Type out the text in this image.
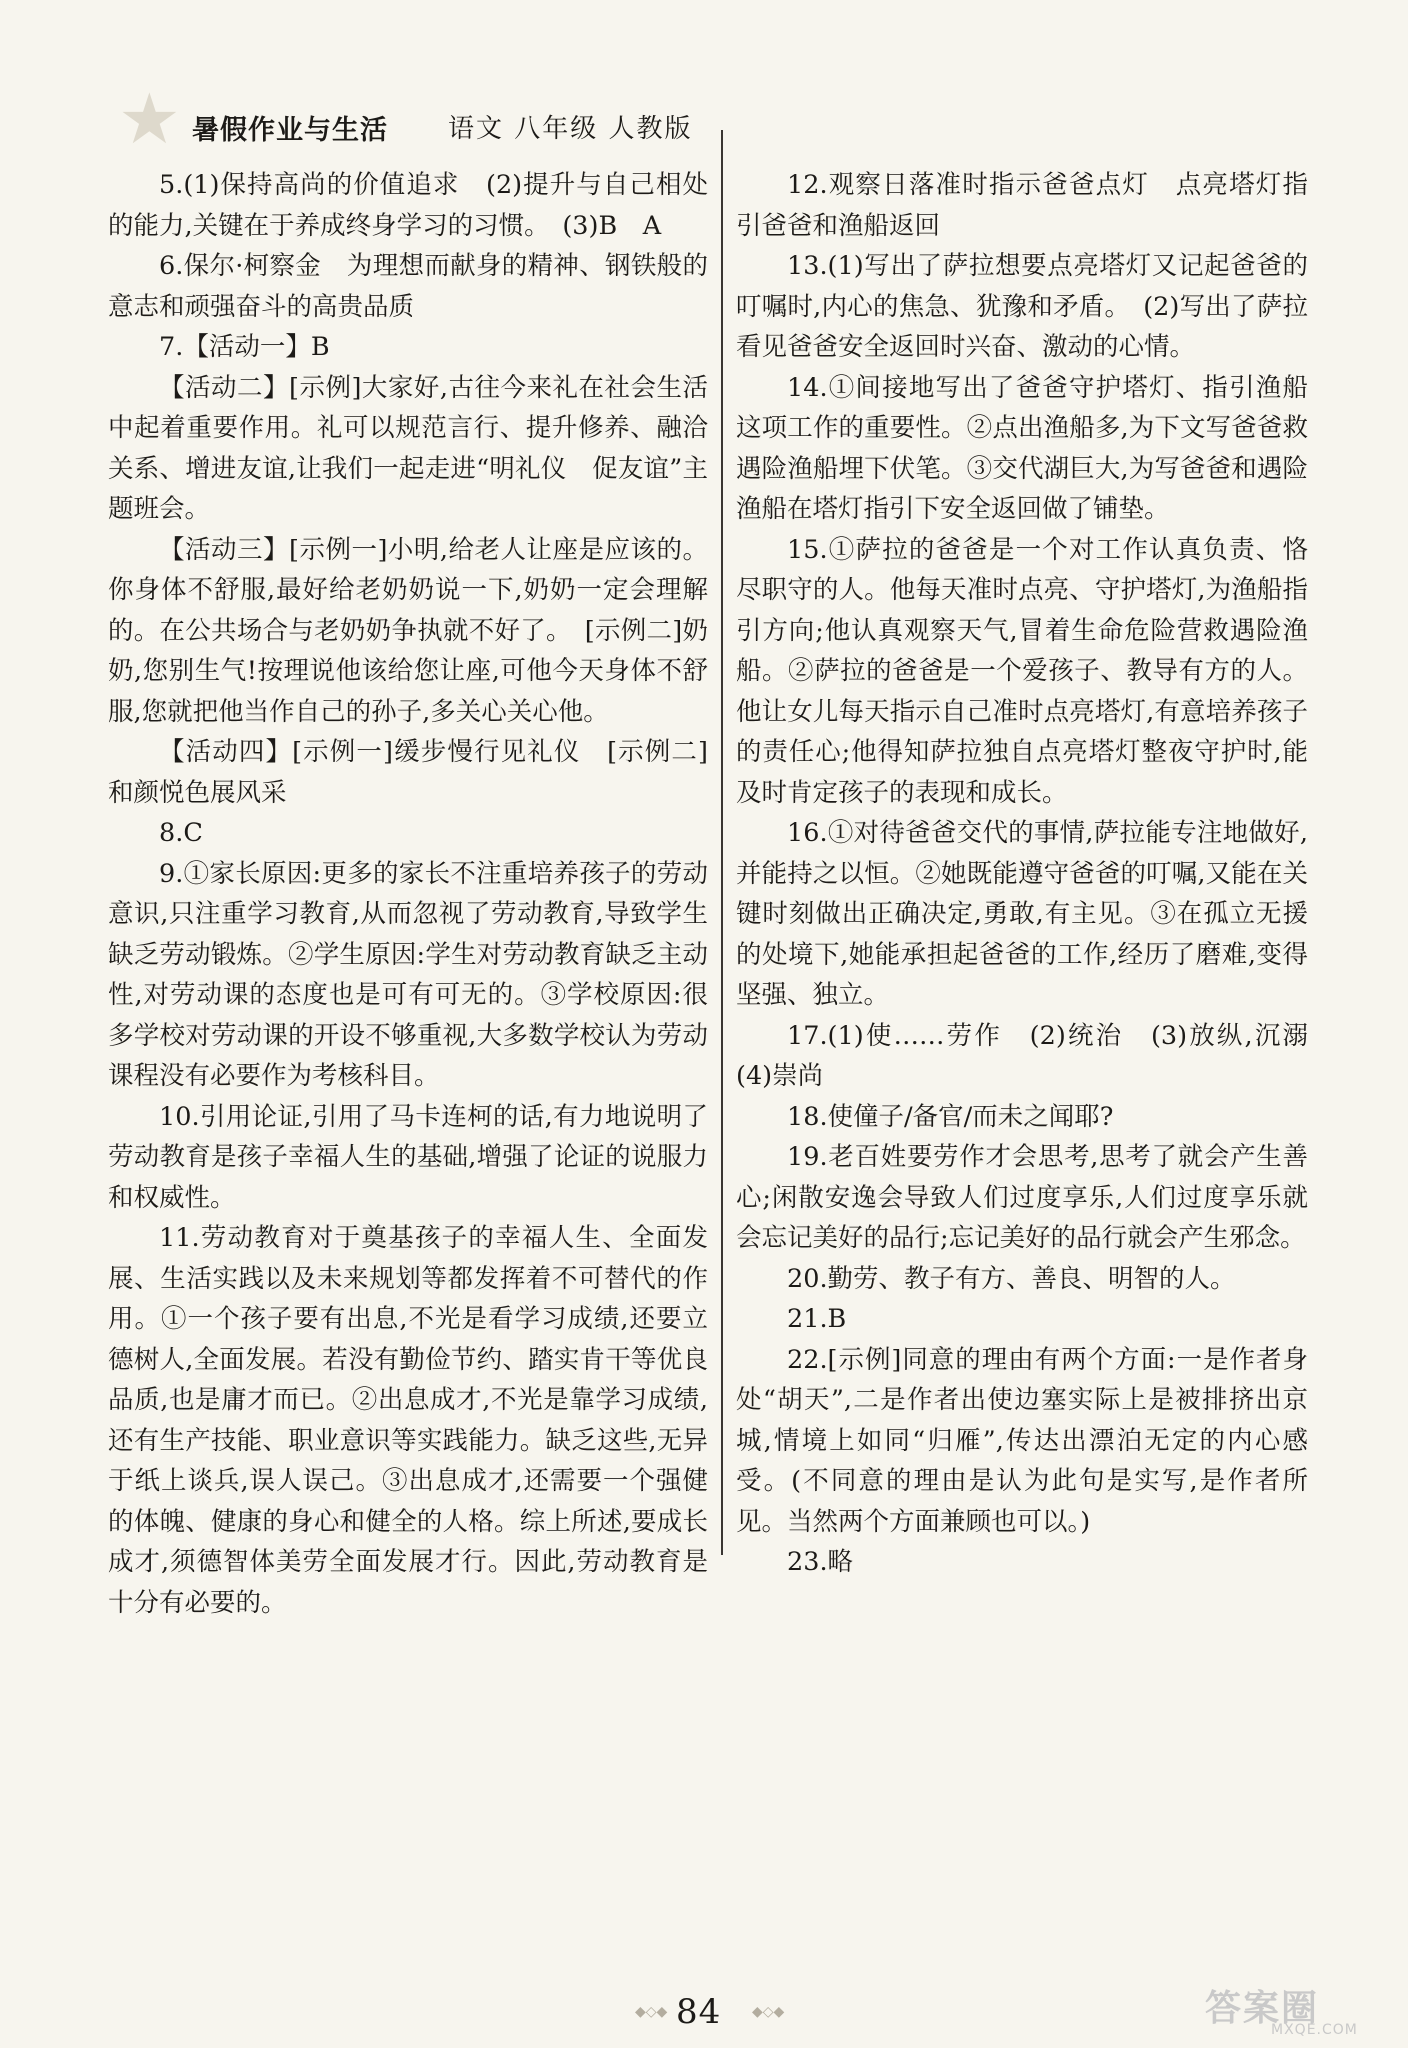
★ 暑假作业与生活 语文 八年级 人教版

5.(1)保持高尚的价值追求　(2)提升与自己相处的能力,关键在于养成终身学习的习惯。　(3)B　A

6.保尔·柯察金　为理想而献身的精神、钢铁般的意志和顽强奋斗的高贵品质

7.【活动一】B

【活动二】[示例]大家好,古往今来礼在社会生活中起着重要作用。礼可以规范言行、提升修养、融洽关系、增进友谊,让我们一起走进“明礼仪　促友谊”主题班会。

【活动三】[示例一]小明,给老人让座是应该的。你身体不舒服,最好给老奶奶说一下,奶奶一定会理解的。在公共场合与老奶奶争执就不好了。　[示例二]奶奶,您别生气!按理说他该给您让座,可他今天身体不舒服,您就把他当作自己的孙子,多关心关心他。

【活动四】[示例一]缓步慢行见礼仪　[示例二]和颜悦色展风采

8.C

9.①家长原因:更多的家长不注重培养孩子的劳动意识,只注重学习教育,从而忽视了劳动教育,导致学生缺乏劳动锻炼。②学生原因:学生对劳动教育缺乏主动性,对劳动课的态度也是可有可无的。③学校原因:很多学校对劳动课的开设不够重视,大多数学校认为劳动课程没有必要作为考核科目。

10.引用论证,引用了马卡连柯的话,有力地说明了劳动教育是孩子幸福人生的基础,增强了论证的说服力和权威性。

11.劳动教育对于奠基孩子的幸福人生、全面发展、生活实践以及未来规划等都发挥着不可替代的作用。①一个孩子要有出息,不光是看学习成绩,还要立德树人,全面发展。若没有勤俭节约、踏实肯干等优良品质,也是庸才而已。②出息成才,不光是靠学习成绩,还有生产技能、职业意识等实践能力。缺乏这些,无异于纸上谈兵,误人误己。③出息成才,还需要一个强健的体魄、健康的身心和健全的人格。综上所述,要成长成才,须德智体美劳全面发展才行。因此,劳动教育是十分有必要的。

12.观察日落准时指示爸爸点灯　点亮塔灯指引爸爸和渔船返回

13.(1)写出了萨拉想要点亮塔灯又记起爸爸的叮嘱时,内心的焦急、犹豫和矛盾。　(2)写出了萨拉看见爸爸安全返回时兴奋、激动的心情。

14.①间接地写出了爸爸守护塔灯、指引渔船这项工作的重要性。②点出渔船多,为下文写爸爸救遇险渔船埋下伏笔。③交代湖巨大,为写爸爸和遇险渔船在塔灯指引下安全返回做了铺垫。

15.①萨拉的爸爸是一个对工作认真负责、恪尽职守的人。他每天准时点亮、守护塔灯,为渔船指引方向;他认真观察天气,冒着生命危险营救遇险渔船。②萨拉的爸爸是一个爱孩子、教导有方的人。他让女儿每天指示自己准时点亮塔灯,有意培养孩子的责任心;他得知萨拉独自点亮塔灯整夜守护时,能及时肯定孩子的表现和成长。

16.①对待爸爸交代的事情,萨拉能专注地做好,并能持之以恒。②她既能遵守爸爸的叮嘱,又能在关键时刻做出正确决定,勇敢,有主见。③在孤立无援的处境下,她能承担起爸爸的工作,经历了磨难,变得坚强、独立。

17.(1)使……劳作　(2)统治　(3)放纵,沉溺　(4)崇尚

18.使僮子/备官/而未之闻耶?

19.老百姓要劳作才会思考,思考了就会产生善心;闲散安逸会导致人们过度享乐,人们过度享乐就会忘记美好的品行;忘记美好的品行就会产生邪念。

20.勤劳、教子有方、善良、明智的人。

21.B

22.[示例]同意的理由有两个方面:一是作者身处“胡天”,二是作者出使边塞实际上是被排挤出京城,情境上如同“归雁”,传达出漂泊无定的内心感受。(不同意的理由是认为此句是实写,是作者所见。当然两个方面兼顾也可以。)

23.略

◆◇◆ 84 ◆◇◆	答案圈
MXQE.COM
